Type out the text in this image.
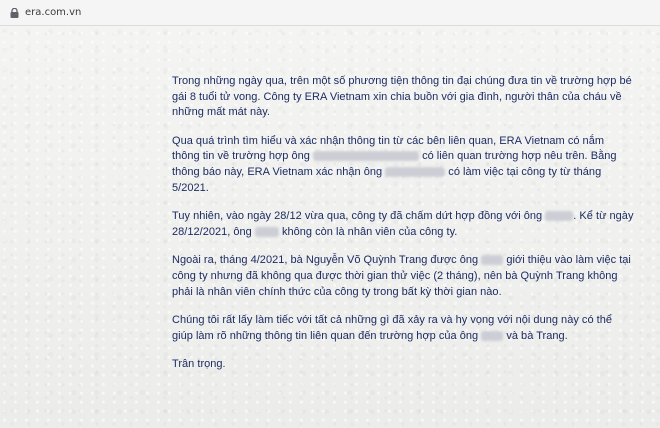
era.com.vn

Trong những ngày qua, trên một số phương tiện thông tin đại chúng đưa tin về trường hợp bé gái 8 tuổi tử vong. Công ty ERA Vietnam xin chia buồn với gia đình, người thân của cháu về những mất mát này.

Qua quá trình tìm hiểu và xác nhận thông tin từ các bên liên quan, ERA Vietnam có nắm thông tin về trường hợp ông	có liên quan trường hợp nêu trên. Bằng thông báo này, ERA Vietnam xác nhận ông	có làm việc tại công ty từ tháng 5/2021.

Tuy nhiên, vào ngày 28/12 vừa qua, công ty đã chấm dứt hợp đồng với ông	. Kể từ ngày 28/12/2021, ông	không còn là nhân viên của công ty.

Ngoài ra, tháng 4/2021, bà Nguyễn Võ Quỳnh Trang được ông	giới thiệu vào làm việc tại công ty nhưng đã không qua được thời gian thử việc (2 tháng), nên bà Quỳnh Trang không phải là nhân viên chính thức của công ty trong bất kỳ thời gian nào.

Chúng tôi rất lấy làm tiếc với tất cả những gì đã xảy ra và hy vọng với nội dung này có thể giúp làm rõ những thông tin liên quan đến trường hợp của ông	và bà Trang.

Trân trọng.
